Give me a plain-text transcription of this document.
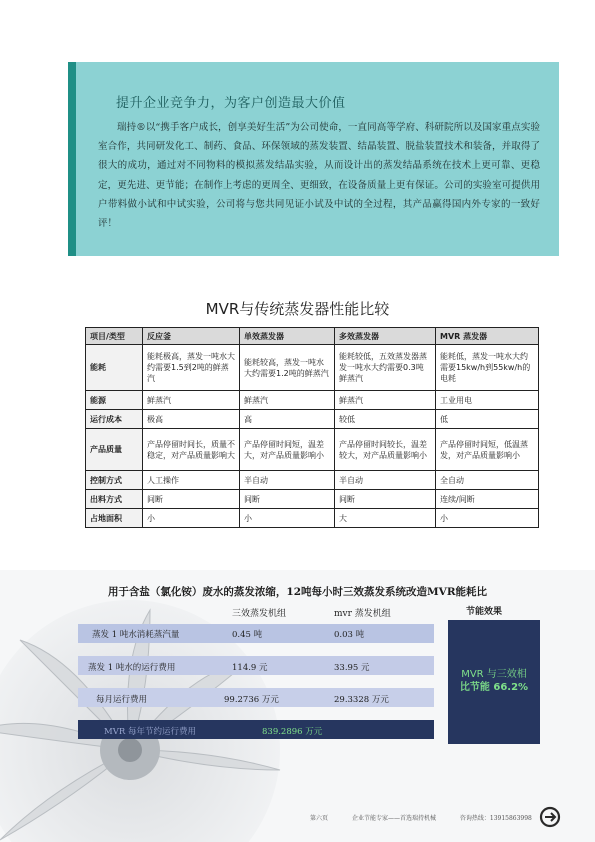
提升企业竞争力，为客户创造最大价值
瑞持®以“携手客户成长，创享美好生活”为公司使命，一直同高等学府、科研院所以及国家重点实验室合作，共同研发化工、制药、食品、环保领域的蒸发装置、结晶装置、脱盐装置技术和装备，并取得了很大的成功，通过对不同物料的模拟蒸发结晶实验，从而设计出的蒸发结晶系统在技术上更可靠、更稳定，更先进、更节能；在制作上考虑的更周全、更细致，在设备质量上更有保证。公司的实验室可提供用户带料做小试和中试实验，公司将与您共同见证小试及中试的全过程，其产品赢得国内外专家的一致好评！
MVR与传统蒸发器性能比较
项目/类型	反应釜	单效蒸发器	多效蒸发器	MVR 蒸发器
能耗	能耗极高，蒸发一吨水大约需要1.5到2吨的鲜蒸汽	能耗较高，蒸发一吨水大约需要1.2吨的鲜蒸汽	能耗较低，五效蒸发器蒸发一吨水大约需要0.3吨鲜蒸汽	能耗低，蒸发一吨水大约需要15kw/h到55kw/h的电耗
能源	鲜蒸汽	鲜蒸汽	鲜蒸汽	工业用电
运行成本	极高	高	较低	低
产品质量	产品停留时间长，质量不稳定，对产品质量影响大	产品停留时间短，温差大，对产品质量影响小	产品停留时间较长，温差较大，对产品质量影响小	产品停留时间短，低温蒸发，对产品质量影响小
控制方式	人工操作	半自动	半自动	全自动
出料方式	间断	间断	间断	连续/间断
占地面积	小	小	大	小
用于含盐（氯化铵）废水的蒸发浓缩，12吨每小时三效蒸发系统改造MVR能耗比
三效蒸发机组	mvr 蒸发机组	节能效果
蒸发 1 吨水消耗蒸汽量	0.45 吨	0.03 吨
蒸发 1 吨水的运行费用	114.9 元	33.95 元
每月运行费用	99.2736 万元	29.3328 万元
MVR 每年节约运行费用	839.2896 万元
MVR 与三效相
比节能 66.2%
第六页	企业节能专家——首选瑞持机械	咨询热线：13915863998
